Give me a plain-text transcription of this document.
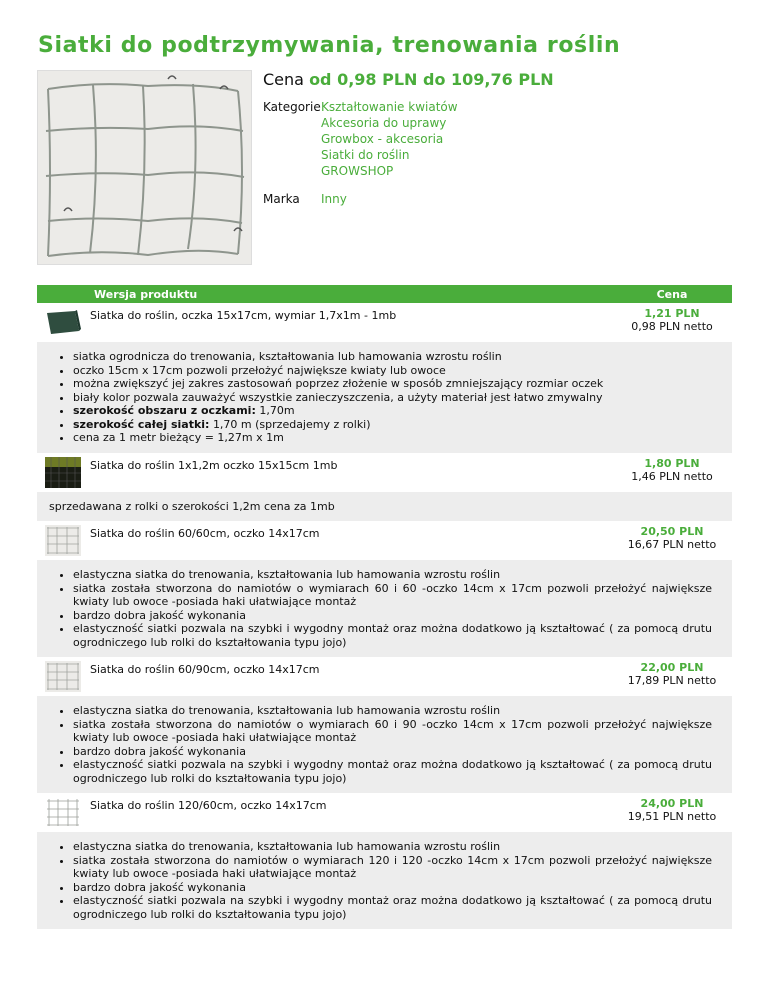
Siatki do podtrzymywania, trenowania roślin
Cena od 0,98 PLN do 109,76 PLN
Kategorie Kształtowanie kwiatów
Akcesoria do uprawy
Growbox - akcesoria
Siatki do roślin
GROWSHOP
Marka	Inny
Wersja produktu	Cena
Siatka do roślin, oczka 15x17cm, wymiar 1,7x1m - 1mb	1,21 PLN
0,98 PLN netto
• siatka ogrodnicza do trenowania, kształtowania lub hamowania wzrostu roślin
• oczko 15cm x 17cm pozwoli przełożyć największe kwiaty lub owoce
• można zwiększyć jej zakres zastosowań poprzez złożenie w sposób zmniejszający rozmiar oczek
• biały kolor pozwala zauważyć wszystkie zanieczyszczenia, a użyty materiał jest łatwo zmywalny
• szerokość obszaru z oczkami: 1,70m
• szerokość całej siatki: 1,70 m (sprzedajemy z rolki)
• cena za 1 metr bieżący = 1,27m x 1m
Siatka do roślin 1x1,2m oczko 15x15cm 1mb	1,80 PLN
1,46 PLN netto

sprzedawana z rolki o szerokości 1,2m cena za 1mb

Siatka do roślin 60/60cm, oczko 14x17cm	20,50 PLN
16,67 PLN netto
• elastyczna siatka do trenowania, kształtowania lub hamowania wzrostu roślin
• siatka została stworzona do namiotów o wymiarach 60 i 60 -oczko 14cm x 17cm pozwoli przełożyć największe kwiaty lub owoce -posiada haki ułatwiające montaż
• bardzo dobra jakość wykonania
• elastyczność siatki pozwala na szybki i wygodny montaż oraz można dodatkowo ją kształtować ( za pomocą drutu ogrodniczego lub rolki do kształtowania typu jojo)
Siatka do roślin 60/90cm, oczko 14x17cm	22,00 PLN
17,89 PLN netto
• elastyczna siatka do trenowania, kształtowania lub hamowania wzrostu roślin
• siatka została stworzona do namiotów o wymiarach 60 i 90 -oczko 14cm x 17cm pozwoli przełożyć największe kwiaty lub owoce -posiada haki ułatwiające montaż
• bardzo dobra jakość wykonania
• elastyczność siatki pozwala na szybki i wygodny montaż oraz można dodatkowo ją kształtować ( za pomocą drutu ogrodniczego lub rolki do kształtowania typu jojo)
Siatka do roślin 120/60cm, oczko 14x17cm	24,00 PLN
19,51 PLN netto
• elastyczna siatka do trenowania, kształtowania lub hamowania wzrostu roślin
• siatka została stworzona do namiotów o wymiarach 120 i 120 -oczko 14cm x 17cm pozwoli przełożyć największe kwiaty lub owoce -posiada haki ułatwiające montaż
• bardzo dobra jakość wykonania
• elastyczność siatki pozwala na szybki i wygodny montaż oraz można dodatkowo ją kształtować ( za pomocą drutu ogrodniczego lub rolki do kształtowania typu jojo)
